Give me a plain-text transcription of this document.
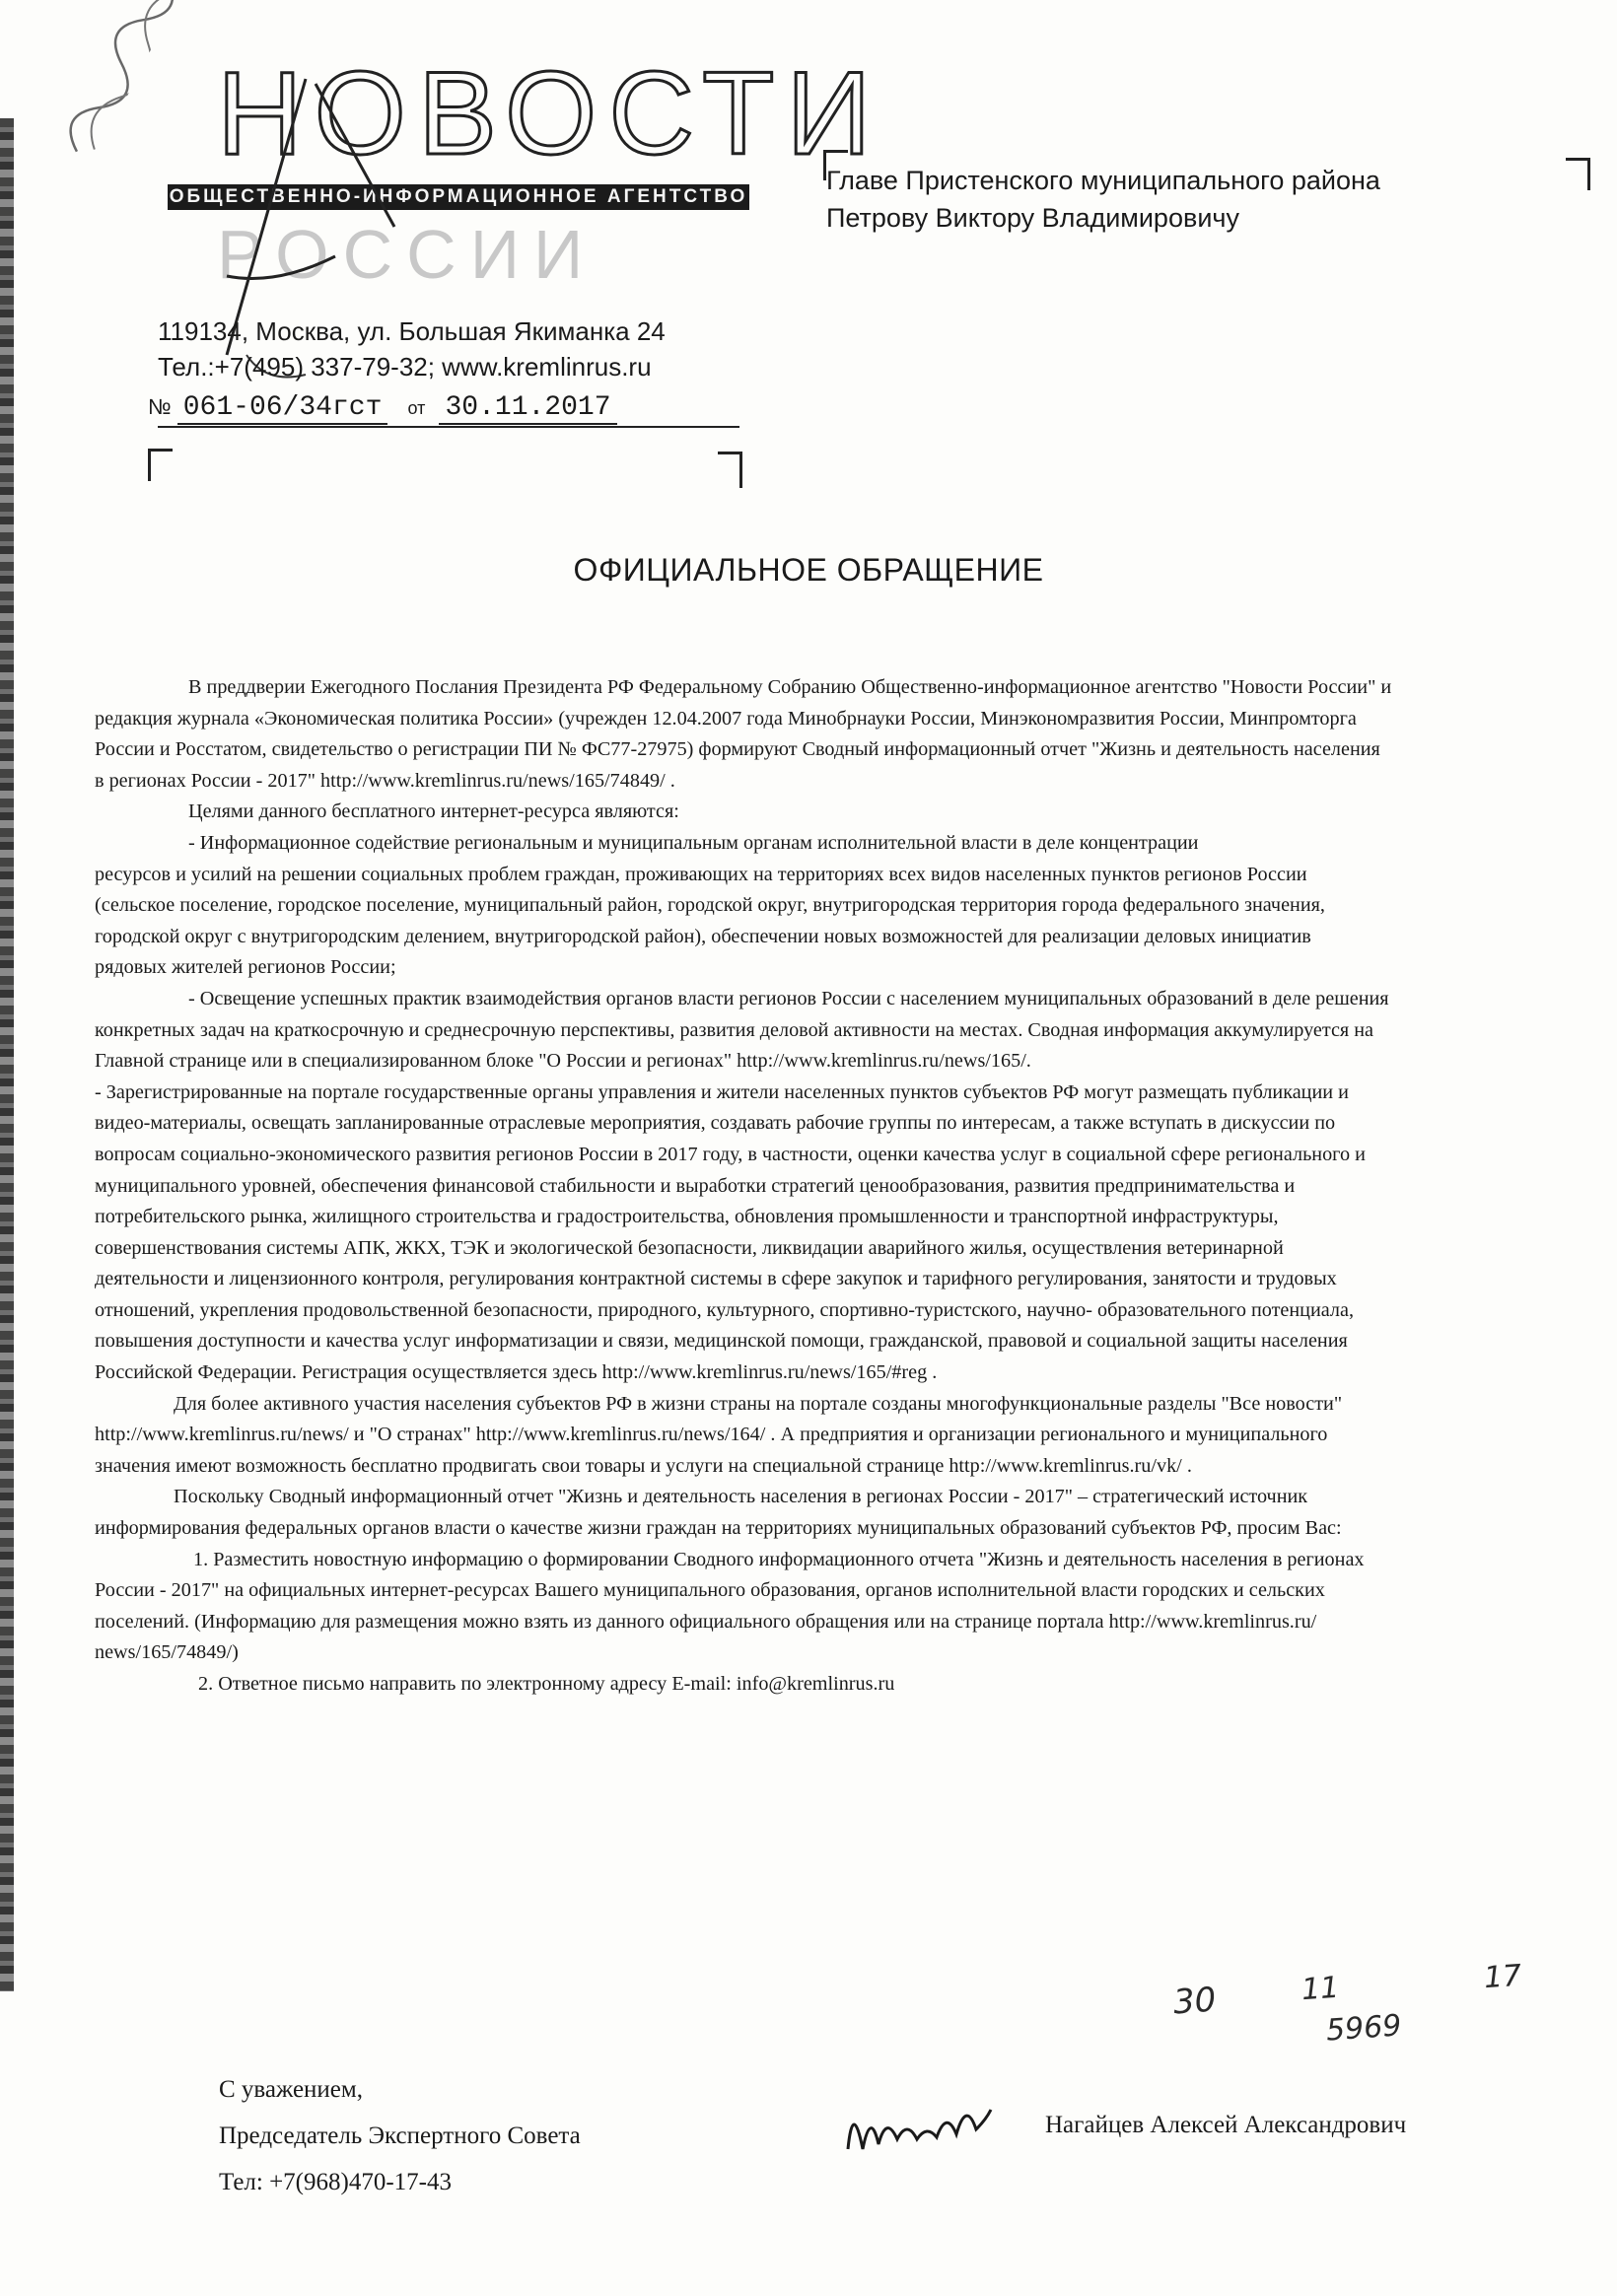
НОВОСТИ
ОБЩЕСТВЕННО-ИНФОРМАЦИОННОЕ АГЕНТСТВО
РОССИИ
119134, Москва, ул. Большая Якиманка 24
Тел.:+7(495) 337-79-32; www.kremlinrus.ru
№ 061-06/34гст от 30.11.2017
Главе Пристенского муниципального района
Петрову Виктору Владимировичу
ОФИЦИАЛЬНОЕ ОБРАЩЕНИЕ

В преддверии Ежегодного Послания Президента РФ Федеральному Собранию Общественно-информационное агентство "Новости России" и

редакция журнала «Экономическая политика России» (учрежден 12.04.2007 года Минобрнауки России, Минэкономразвития России, Минпромторга

России и Росстатом, свидетельство о регистрации ПИ № ФС77-27975) формируют Сводный информационный отчет "Жизнь и деятельность населения

в регионах России - 2017" http://www.kremlinrus.ru/news/165/74849/ .

Целями данного бесплатного интернет-ресурса являются:

- Информационное содействие региональным и муниципальным органам исполнительной власти в деле концентрации

ресурсов и усилий на решении социальных проблем граждан, проживающих на территориях всех видов населенных пунктов регионов России

(сельское поселение, городское поселение, муниципальный район, городской округ, внутригородская территория города федерального значения,

городской округ с внутригородским делением, внутригородской район), обеспечении новых возможностей для реализации деловых инициатив

рядовых жителей регионов России;

- Освещение успешных практик взаимодействия органов власти регионов России с населением муниципальных образований в деле решения

конкретных задач на краткосрочную и среднесрочную перспективы, развития деловой активности на местах. Сводная информация аккумулируется на

Главной странице или в специализированном блоке "О России и регионах" http://www.kremlinrus.ru/news/165/.

- Зарегистрированные на портале государственные органы управления и жители населенных пунктов субъектов РФ могут размещать публикации и

видео-материалы, освещать запланированные отраслевые мероприятия, создавать рабочие группы по интересам, а также вступать в дискуссии по

вопросам социально-экономического развития регионов России в 2017 году, в частности, оценки качества услуг в социальной сфере регионального и

муниципального уровней, обеспечения финансовой стабильности и выработки стратегий ценообразования, развития предпринимательства и

потребительского рынка, жилищного строительства и градостроительства, обновления промышленности и транспортной инфраструктуры,

совершенствования системы АПК, ЖКХ, ТЭК и экологической безопасности, ликвидации аварийного жилья, осуществления ветеринарной

деятельности и лицензионного контроля, регулирования контрактной системы в сфере закупок и тарифного регулирования, занятости и трудовых

отношений, укрепления продовольственной безопасности, природного, культурного, спортивно-туристского, научно- образовательного потенциала,

повышения доступности и качества услуг информатизации и связи, медицинской помощи, гражданской, правовой и социальной защиты населения

Российской Федерации. Регистрация осуществляется здесь http://www.kremlinrus.ru/news/165/#reg .

Для более активного участия населения субъектов РФ в жизни страны на портале созданы многофункциональные разделы "Все новости"

http://www.kremlinrus.ru/news/ и "О странах" http://www.kremlinrus.ru/news/164/ . А предприятия и организации регионального и муниципального

значения имеют возможность бесплатно продвигать свои товары и услуги на специальной странице http://www.kremlinrus.ru/vk/ .

Поскольку Сводный информационный отчет "Жизнь и деятельность населения в регионах России - 2017" – стратегический источник

информирования федеральных органов власти о качестве жизни граждан на территориях муниципальных образований субъектов РФ, просим Вас:

1. Разместить новостную информацию о формировании Сводного информационного отчета "Жизнь и деятельность населения в регионах

России - 2017" на официальных интернет-ресурсах Вашего муниципального образования, органов исполнительной власти городских и сельских

поселений. (Информацию для размещения можно взять из данного официального обращения или на странице портала http://www.kremlinrus.ru/

news/165/74849/)

2. Ответное письмо направить по электронному адресу E-mail: info@kremlinrus.ru

30	11	17
5969
С уважением,
Председатель Экспертного Совета
Тел: +7(968)470-17-43
Нагайцев Алексей Александрович
